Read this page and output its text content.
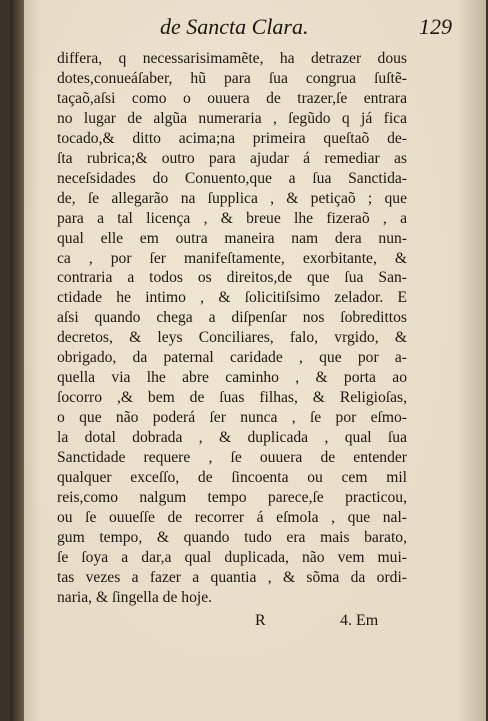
de Sancta Clara.	129
differa, q necessarisimamẽte, ha detrazer dous
dotes,conueáſaber, hũ para ſua congrua ſuſtẽ-
taçaõ,aſsi como o ouuera de trazer,ſe entrara
no lugar de algũa numeraria , ſegũdo q já fica
tocado,& ditto acima;na primeira queſtaõ de-
ſta rubrica;& outro para ajudar á remediar as
neceſsidades do Conuento,que a ſua Sanctida-
de, ſe allegarão na ſupplica , & petiçaõ ; que
para a tal licença , & breue lhe fizeraõ , a
qual elle em outra maneira nam dera nun-
ca , por ſer manifeſtamente, exorbitante, &
contraria a todos os direitos,de que ſua San-
ctidade he intimo , & ſolicitiſsimo zelador. E
aſsi quando chega a diſpenſar nos ſobredittos
decretos, & leys Conciliares, falo, vrgido, &
obrigado, da paternal caridade , que por a-
quella via lhe abre caminho , & porta ao
ſocorro ,& bem de ſuas filhas, & Religioſas,
o que não poderá ſer nunca , ſe por eſmo-
la dotal dobrada , & duplicada , qual ſua
Sanctidade requere , ſe ouuera de entender
qualquer exceſſo, de ſincoenta ou cem mil
reis,como nalgum tempo parece,ſe practicou,
ou ſe ouueſſe de recorrer á eſmola , que nal-
gum tempo, & quando tudo era mais barato,
ſe ſoya a dar,a qual duplicada, não vem mui-
tas vezes a fazer a quantia , & sõma da ordi-
naria, & ſingella de hoje.
R	4. Em
